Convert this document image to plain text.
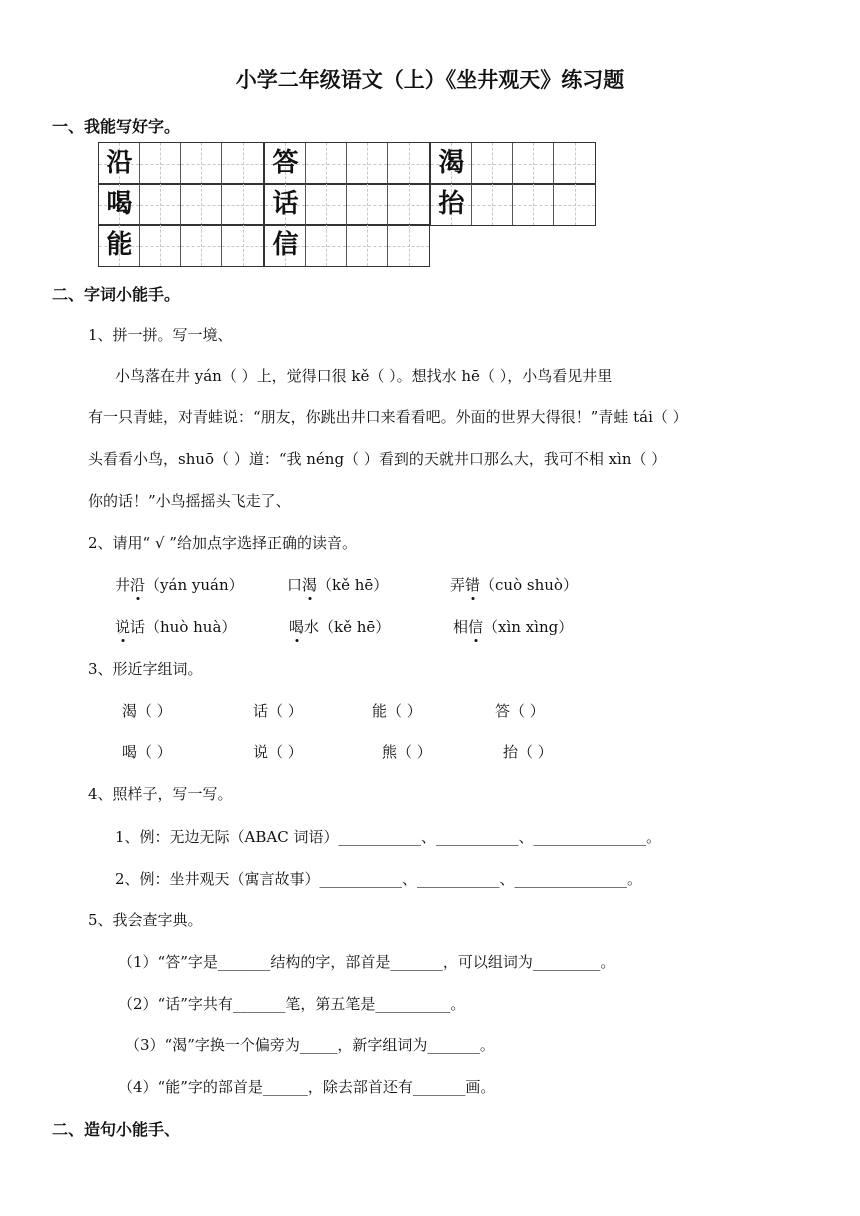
小学二年级语文（上）《坐井观天》练习题
一、我能写好字。
沿	答	渴
喝	话	抬
能	信
二、字词小能手。
1、拼一拼。写一境、
小鸟落在井 yán（ ）上，觉得口很 kě（ ）。想找水 hē（ ），小鸟看见井里
有一只青蛙，对青蛙说：“朋友，你跳出井口来看看吧。外面的世界大得很！”青蛙 tái（ ）
头看看小鸟，shuō（ ）道：“我 néng（ ）看到的天就井口那么大，我可不相 xìn（ ）
你的话！”小鸟摇摇头飞走了、
2、请用“ √ ”给加点字选择正确的读音。
井沿（yán yuán）	口渴（kě hē）	弄错（cuò shuò）
说话（huò huà）	喝水（kě hē）	相信（xìn xìng）
3、形近字组词。
渴（ ）	话（ ）	能（ ）	答（ ）
喝（ ）	说（ ）	熊（ ）	抬（ ）
4、照样子，写一写。
1、例：无边无际（ABAC 词语）___________、___________、_______________。
2、例：坐井观天（寓言故事）___________、___________、_______________。
5、我会查字典。
（1）“答”字是_______结构的字，部首是_______，可以组词为_________。
（2）“话”字共有_______笔，第五笔是__________。
（3）“渴”字换一个偏旁为_____，新字组词为_______。
（4）“能”字的部首是______，除去部首还有_______画。
二、造句小能手、
